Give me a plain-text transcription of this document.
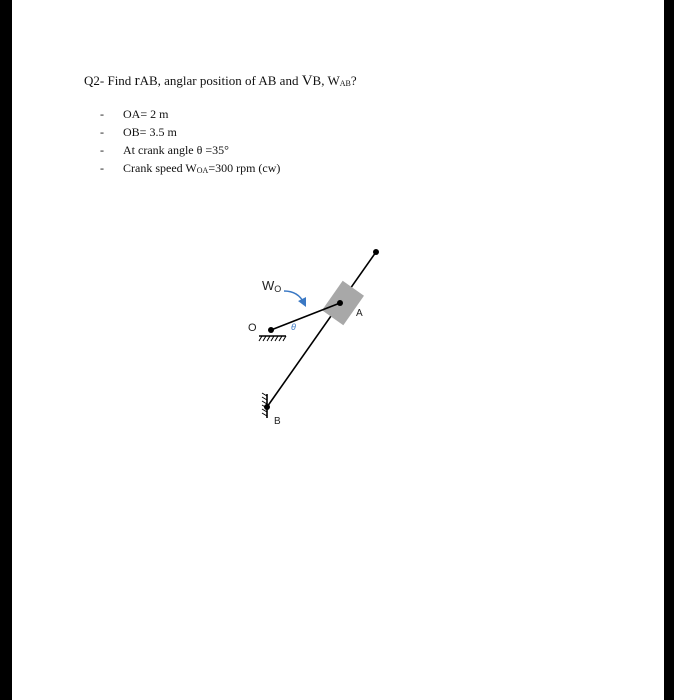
Q2- Find rAB, anglar position of AB and VB, $W_{AB}$?
-	OA= 2 m
-	OB= 3.5 m
-	At crank angle θ =35°
-	Crank speed $W_{OA}=300$ rpm (cw)
WO
O
A
B
θ
